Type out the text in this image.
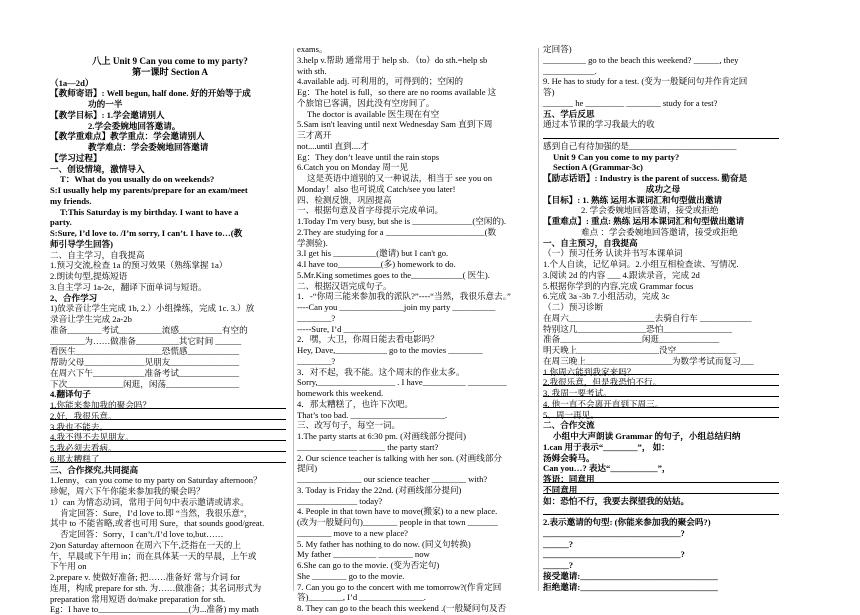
八上 Unit 9 Can you come to my party?
第一课时 Section A
（1a—2d）
【教师寄语】: Well begun, half done. 好的开始等于成
功的一半
【教学目标】: 1.学会邀请别人
2.学会委婉地回答邀请。
【教学重难点】教学重点：学会邀请别人
教学难点：学会委婉地回答邀请
【学习过程】
一、创设情境，激情导入
T：What do you usually do on weekends?
S:I usually help my parents/prepare for an exam/meet
my friends.
T:This Saturday is my birthday. I want to have a
party.
S:Sure, I’d love to. /I’m sorry, I can’t. I have to…(教
师引导学生回答)
二、自主学习，自我提高
1.预习交流,检查 1a 的预习效果（熟练掌握 1a）
2.朗读句型,提炼短语
3.自主学习 1a-2c，翻译下面单词与短语。
2、合作学习
1)放录音让学生完成 1b, 2.）小组操练，完成 1c. 3.）放
录音让学生完成 2a-2b
准备________考试__________流感__________有空的
________为……做准备__________其它时间 ______
看医生____________________恐慌感____________
帮助父母______________见朋友________________
在周六下午____________准备考试______________
下次_____________闲逛，闲荡_________________
4.翻译句子
1.你能来参加我的聚会吗？
2.好，我很乐意。
3.我也不能去。
4.我不得不去见朋友。
5.我必须去看病。
6.那太糟糕了
三、合作探究,共同提高
1.Jenny，can you come to my party on Saturday afternoon？
珍妮，周六下午你能来参加我的聚会吗？
1）can 为情态动词，常用于问句中表示邀请或请求。
肯定回答：Sure，I’d love to.即 “当然，我很乐意”，
其中 to 不能省略,或者也可用 Sure，that sounds good/great.
否定回答：Sorry，I can’t./I’d love to,but……
2)on Saturday afternoon 在周六下午,泛指在一天的上
午，早晨或下午用 in；而在具体某一天的早晨，上午或
下午用 on
2.prepare v. 使做好准备; 把……准备好 常与介词 for
连用，构成 prepare for sth. 为……做准备；其名词形式为
preparation 常用短语 do/make preparation for sth.
Eg：I have to_____________________(为...准备) my math
exams。
3.help v.帮助 通常用于 help sb. （to）do sth.=help sb
with sth.
4.available adj. 可利用的，可得到的；空闲的
Eg：The hotel is full，so there are no rooms available 这
个旅馆已客满，因此没有空房间了。
The doctor is available 医生现在有空
5.Sam isn't leaving until next Wednesday Sam 直到下周
三才离开
not....until 直到....才
Eg：They don’t leave until the rain stops
6.Catch you on Monday 周一见
这是英语中道别的又一种说法，相当于 see you on
Monday！also 也可说成 Catch/see you later!
四、检测反馈，巩固提高
一、根据句意及首字母提示完成单词。
1.Today I'm very busy, but she is ______________(空闲的).
2.They are studying for a _______________________(数
学测验).
3.I get his __________(邀请) but I can't go.
4.I have too__________(多) homework to do.
5.Mr.King sometimes goes to the____________( 医生).
二、根据汉语完成句子。
1．-“你周三能来参加我的派队?”----“当然，我很乐意去。”
----Can you _______________join my party __________
________?
-----Sure, I’d ________________.
2．嘿，大卫，你周日能去看电影吗？
Hey, Dave,____________ go to the movies ________
________?
3．对不起，我不能。这个周末的作业太多。
Sorry,__________________ . I have__________ _________
homework this weekend.
4．那太糟糕了，也许下次吧。
That’s too bad. ______________________.
三、改写句子，每空一词。
1.The party starts at 6:30 pm. (对画线部分提问)
______________ ______ the party start?
2. Our science teacher is talking with her son. (对画线部分
提问)
_______________ our science teacher ________ with?
3. Today is Friday the 22nd. (对画线部分提问)
______________ today?
4. People in that town have to move(搬家) to a new place.
(改为一般疑问句)________ people in that town _______
________ move to a new place?
5. My father has nothing to do now. (同义句转换)
My father __________ ________ now
6.She can go to the movie. (变为否定句)
She ________ go to the movie.
7. Can you go to the concert with me tomorrow?(作肯定回
答)________, I’d _______________.
8. They can go to the beach this weekend .(一般疑问句及否
定回答)
__________ go to the beach this weekend? ______, they
____________.
9. He has to study for a test. (变为一般疑问句并作肯定回
答)
_______ he _________ ________ study for a test?
五、学后反思
通过本节课的学习我最大的收
感到自己有待加强的是_________________________
Unit 9 Can you come to my party?
Section A (Grammar-3c)
【励志话语】: Industry is the parent of success. 勤奋是
成功之母
【目标】: 1. 熟练 运用本课词汇和句型做出邀请
2. 学会委婉地回答邀请，接受或拒绝
【重难点】: 重点: 熟练 运用本课词汇和句型做出邀请
难点 ：学会委婉地回答邀请，接受或拒绝
一、自主预习，自我提高
（一）预习任务 认读并书写本课单词
1.个人自读，记忆单词。2.小组互相检查读、写情况.
3.阅读 2d 的内容 ___ 4.跟读录音，完成 2d
5.根据你学到的内容,完成 Grammar focus
6.完成 3a -3b 7.小组活动，完成 3c
（二）预习诊断
在周六____________________去骑自行车 ____________
特别这几________________恐怕________________
准备___________________闲逛______________
明天晚上___________________没空______________
在周三晚上____________________为数学考试而复习___
1.你周六能到我家来吗？
2.我很乐意，但是我恐怕不行。
3. 我周一要考试。
4. 他一直不会离开直到下周三。
5、周一再见。
二、合作交流
小组中大声朗读 Grammar 的句子，小组总结归纳
1.can 用于表示“________”， 如：
汤姆会骑马。
Can you…? 表达“___________”，
答语：同意用
不同意用
如：恐怕不行，我要去探望我的姑姑。
2.表示邀请的句型: (你能来参加我的聚会吗?)
________________________________?
______?
________________________________?
______?
接受邀请:________________________________
拒绝邀请:________________________________
